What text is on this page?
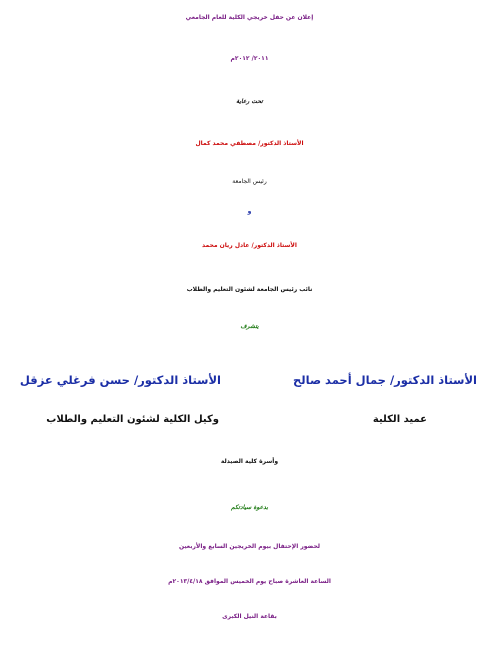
إعلان عن حفل خريجي الكلية للعام الجامعي
٢٠١١/ ٢٠١٢م
تحت رعاية
الأستاذ الدكتور/ مصطفي محمد كمال
رئيس الجامعة
و
الأستاذ الدكتور/ عادل ريان محمد
نائب رئيس الجامعة لشئون التعليم والطلاب
يتشرف
الأستاذ الدكتور/ جمال أحمد صالح
الأستاذ الدكتور/ حسن فرغلي عزقل
عميد الكلية
وكيل الكلية لشئون التعليم والطلاب
وأسرة كلية الصيدلة
بدعوة سيادتكم
لحضور الإحتفال بيوم الخريجين السابع والأربعين
الساعة العاشرة صباح يوم الخميس الموافق ٢٠١٣/٤/١٨م
بقاعة النيل الكبرى
